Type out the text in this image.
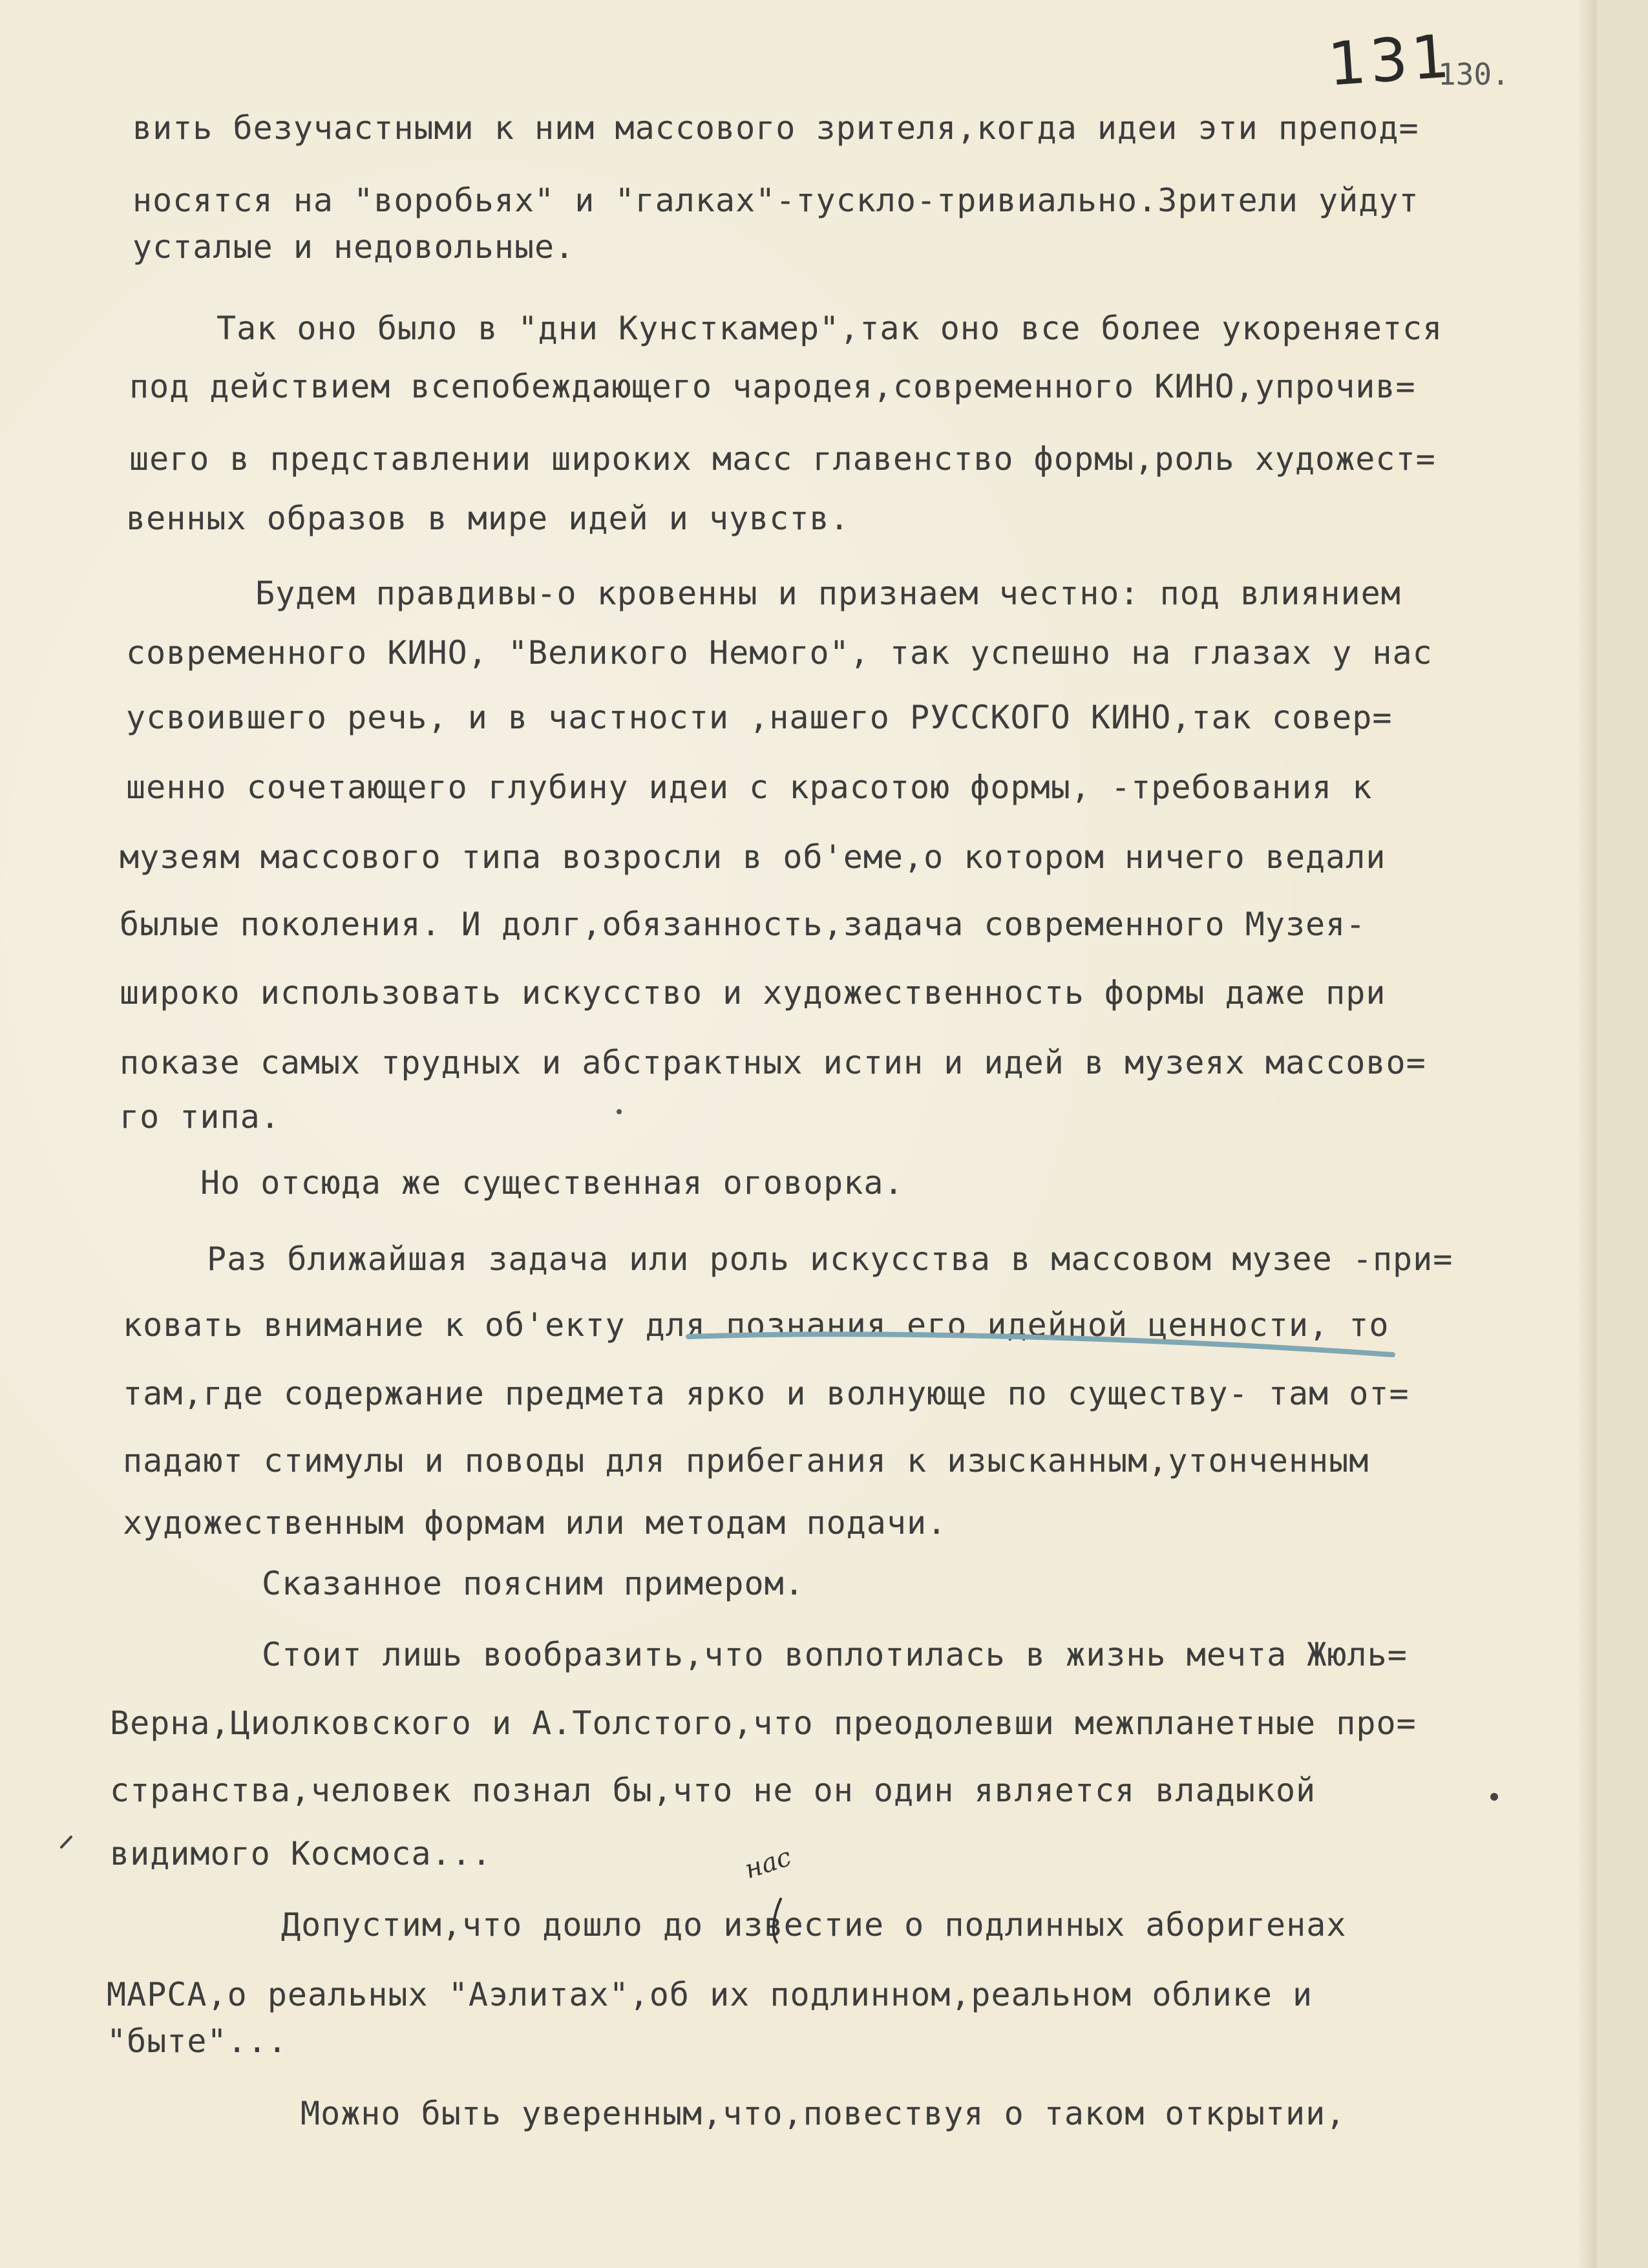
131
130.
вить безучастными к ним массового зрителя,когда идеи эти препод=
носятся на "воробьях" и "галках"-тускло-тривиально.Зрители уйдут
усталые и недовольные.
Так оно было в "дни Кунсткамер",так оно все более укореняется
под действием всепобеждающего чародея,современного КИНО,упрочив=
шего в представлении широких масс главенство формы,роль художест=
венных образов в мире идей и чувств.
Будем правдивы-о кровенны и признаем честно: под влиянием
современного КИНО, "Великого Немого", так успешно на глазах у нас
усвоившего речь, и в частности ,нашего РУССКОГО КИНО,так совер=
шенно сочетающего глубину идеи с красотою формы, -требования к
музеям массового типа возросли в об'еме,о котором ничего ведали
былые поколения. И долг,обязанность,задача современного Музея-
широко использовать искусство и художественность формы даже при
показе самых трудных и абстрактных истин и идей в музеях массово=
го типа.
Но отсюда же существенная оговорка.
Раз ближайшая задача или роль искусства в массовом музее -при=
ковать внимание к об'екту для познания его идейной ценности, то
там,где содержание предмета ярко и волнующе по существу- там от=
падают стимулы и поводы для прибегания к изысканным,утонченным
художественным формам или методам подачи.
Сказанное поясним примером.
Стоит лишь вообразить,что воплотилась в жизнь мечта Жюль=
Верна,Циолковского и А.Толстого,что преодолевши межпланетные про=
странства,человек познал бы,что не он один является владыкой
видимого Космоса...
Допустим,что дошло до известие о подлинных аборигенах
МАРСА,о реальных "Аэлитах",об их подлинном,реальном облике и
"быте"...
Можно быть уверенным,что,повествуя о таком открытии,
нас
